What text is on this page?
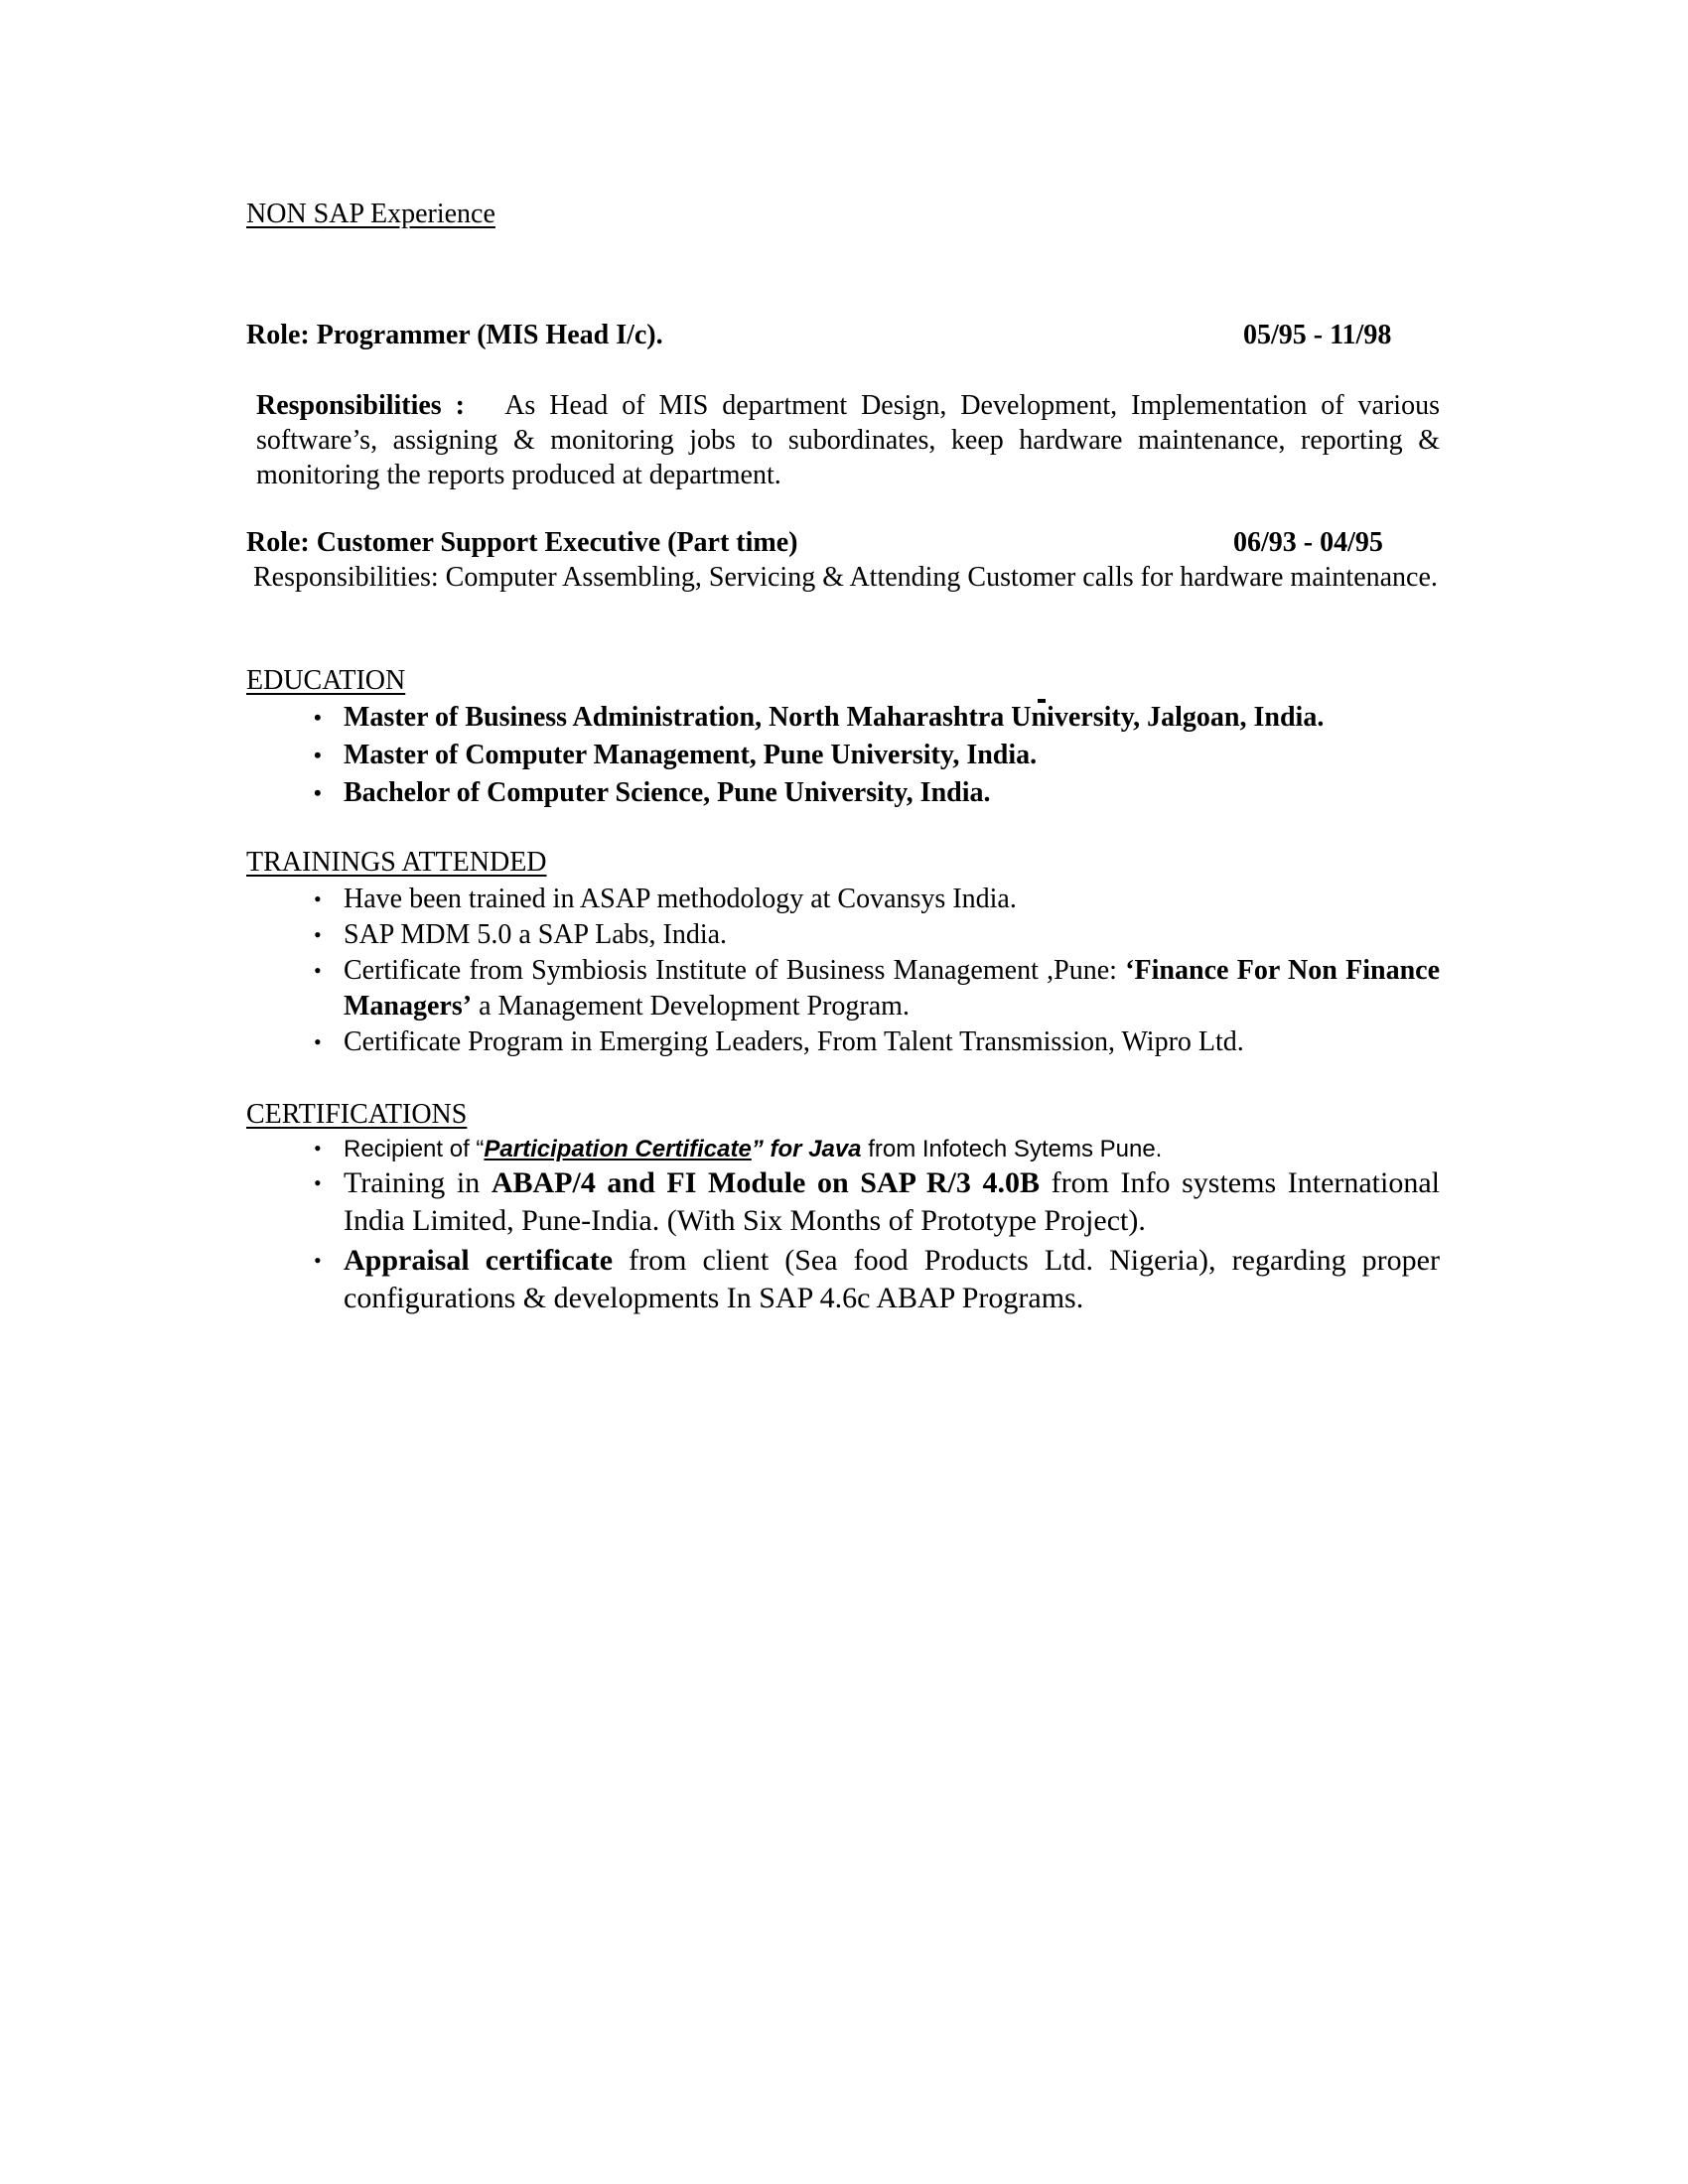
NON SAP Experience
Role: Programmer (MIS Head I/c).	05/95 - 11/98
Responsibilities : As Head of MIS department Design, Development, Implementation of various software’s, assigning & monitoring jobs to subordinates, keep hardware maintenance, reporting & monitoring the reports produced at department.
Role: Customer Support Executive (Part time)	06/93 - 04/95
Responsibilities: Computer Assembling, Servicing & Attending Customer calls for hardware maintenance.
EDUCATION
• Master of Business Administration, North Maharashtra University, Jalgoan, India.
• Master of Computer Management, Pune University, India.
• Bachelor of Computer Science, Pune University, India.
TRAININGS ATTENDED
• Have been trained in ASAP methodology at Covansys India.
• SAP MDM 5.0 a SAP Labs, India.
• Certificate from Symbiosis Institute of Business Management ,Pune: ‘Finance For Non Finance Managers’ a Management Development Program.
• Certificate Program in Emerging Leaders, From Talent Transmission, Wipro Ltd.
CERTIFICATIONS
• Recipient of “Participation Certificate” for Java from Infotech Sytems Pune.
• Training in ABAP/4 and FI Module on SAP R/3 4.0B from Info systems International India Limited, Pune-India. (With Six Months of Prototype Project).
• Appraisal certificate from client (Sea food Products Ltd. Nigeria), regarding proper configurations & developments In SAP 4.6c ABAP Programs.
